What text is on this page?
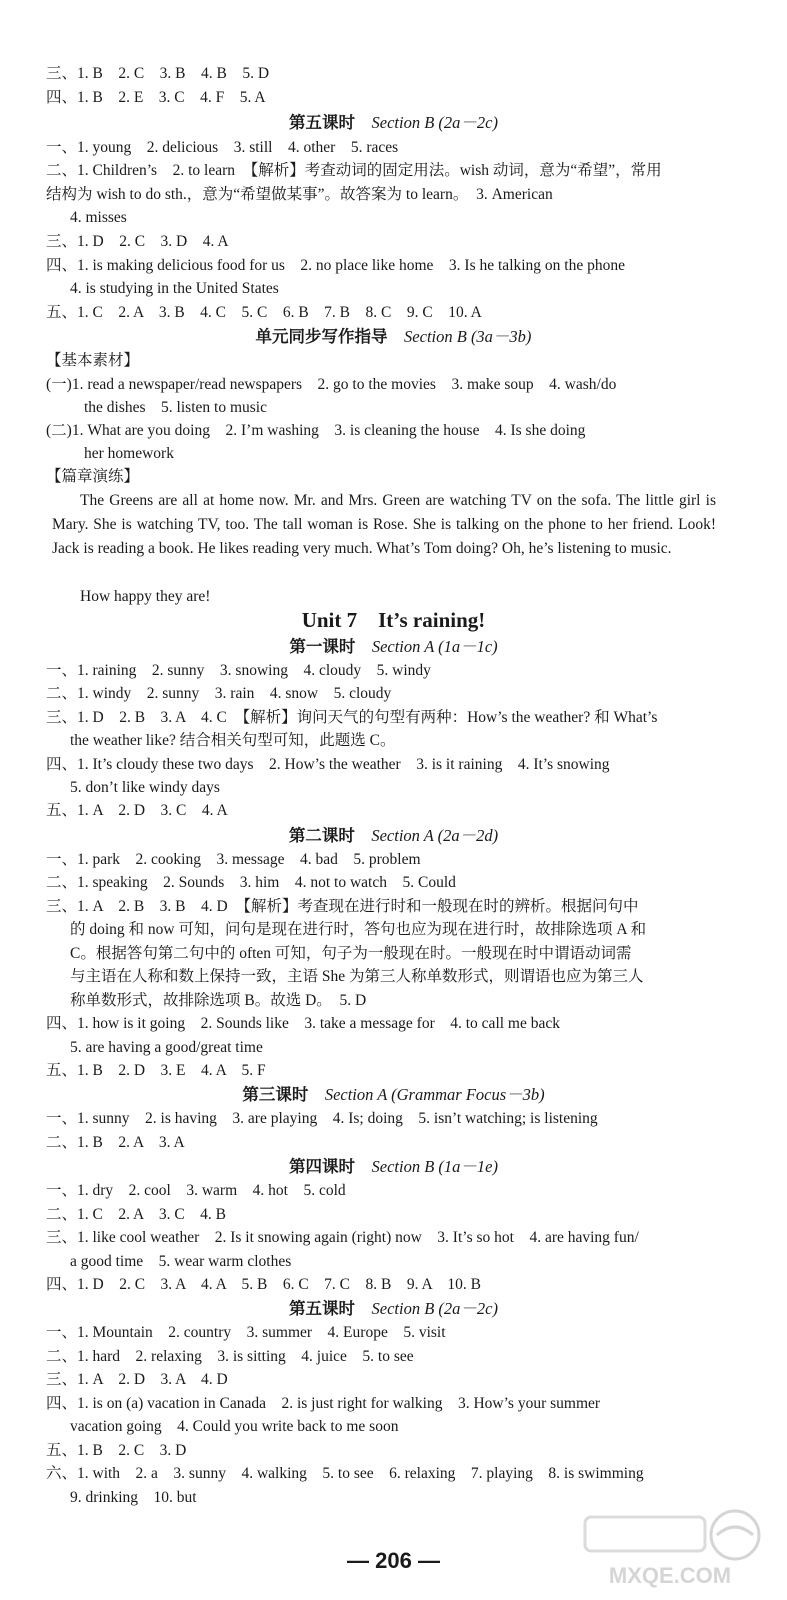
三、1. B　2. C　3. B　4. B　5. D
四、1. B　2. E　3. C　4. F　5. A
第五课时　 Section B (2a－2c)
一、1. young　2. delicious　3. still　4. other　5. races
二、1. Children’s　2. to learn　【解析】考查动词的固定用法。wish 动词，意为“希望”，常用
结构为 wish to do sth.，意为“希望做某事”。故答案为 to learn。　3. American
4. misses
三、1. D　2. C　3. D　4. A
四、1. is making delicious food for us　2. no place like home　3. Is he talking on the phone
4. is studying in the United States
五、1. C　2. A　3. B　4. C　5. C　6. B　7. B　8. C　9. C　10. A
单元同步写作指导　 Section B (3a－3b)
【基本素材】
(一)1. read a newspaper/read newspapers　2. go to the movies　3. make soup　4. wash/do
the dishes　5. listen to music
(二)1. What are you doing　2. I’m washing　3. is cleaning the house　4. Is she doing
her homework
【篇章演练】
The Greens are all at home now. Mr. and Mrs. Green are watching TV on the sofa. The little girl is Mary. She is watching TV, too. The tall woman is Rose. She is talking on the phone to her friend. Look! Jack is reading a book. He likes reading very much. What’s Tom doing? Oh, he’s listening to music.
How happy they are!
Unit 7　It’s raining!
第一课时　 Section A (1a－1c)
一、1. raining　2. sunny　3. snowing　4. cloudy　5. windy
二、1. windy　2. sunny　3. rain　4. snow　5. cloudy
三、1. D　2. B　3. A　4. C　【解析】询问天气的句型有两种：How’s the weather? 和 What’s
the weather like? 结合相关句型可知，此题选 C。
四、1. It’s cloudy these two days　2. How’s the weather　3. is it raining　4. It’s snowing
5. don’t like windy days
五、1. A　2. D　3. C　4. A
第二课时　 Section A (2a－2d)
一、1. park　2. cooking　3. message　4. bad　5. problem
二、1. speaking　2. Sounds　3. him　4. not to watch　5. Could
三、1. A　2. B　3. B　4. D　【解析】考查现在进行时和一般现在时的辨析。根据问句中
的 doing 和 now 可知，问句是现在进行时，答句也应为现在进行时，故排除选项 A 和
C。根据答句第二句中的 often 可知，句子为一般现在时。一般现在时中谓语动词需
与主语在人称和数上保持一致，主语 She 为第三人称单数形式，则谓语也应为第三人
称单数形式，故排除选项 B。故选 D。　5. D
四、1. how is it going　2. Sounds like　3. take a message for　4. to call me back
5. are having a good/great time
五、1. B　2. D　3. E　4. A　5. F
第三课时　 Section A (Grammar Focus－3b)
一、1. sunny　2. is having　3. are playing　4. Is; doing　5. isn’t watching; is listening
二、1. B　2. A　3. A
第四课时　 Section B (1a－1e)
一、1. dry　2. cool　3. warm　4. hot　5. cold
二、1. C　2. A　3. C　4. B
三、1. like cool weather　2. Is it snowing again (right) now　3. It’s so hot　4. are having fun/
a good time　5. wear warm clothes
四、1. D　2. C　3. A　4. A　5. B　6. C　7. C　8. B　9. A　10. B
第五课时　 Section B (2a－2c)
一、1. Mountain　2. country　3. summer　4. Europe　5. visit
二、1. hard　2. relaxing　3. is sitting　4. juice　5. to see
三、1. A　2. D　3. A　4. D
四、1. is on (a) vacation in Canada　2. is just right for walking　3. How’s your summer
vacation going　4. Could you write back to me soon
五、1. B　2. C　3. D
六、1. with　2. a　3. sunny　4. walking　5. to see　6. relaxing　7. playing　8. is swimming
9. drinking　10. but
— 206 —
MXQE.COM
